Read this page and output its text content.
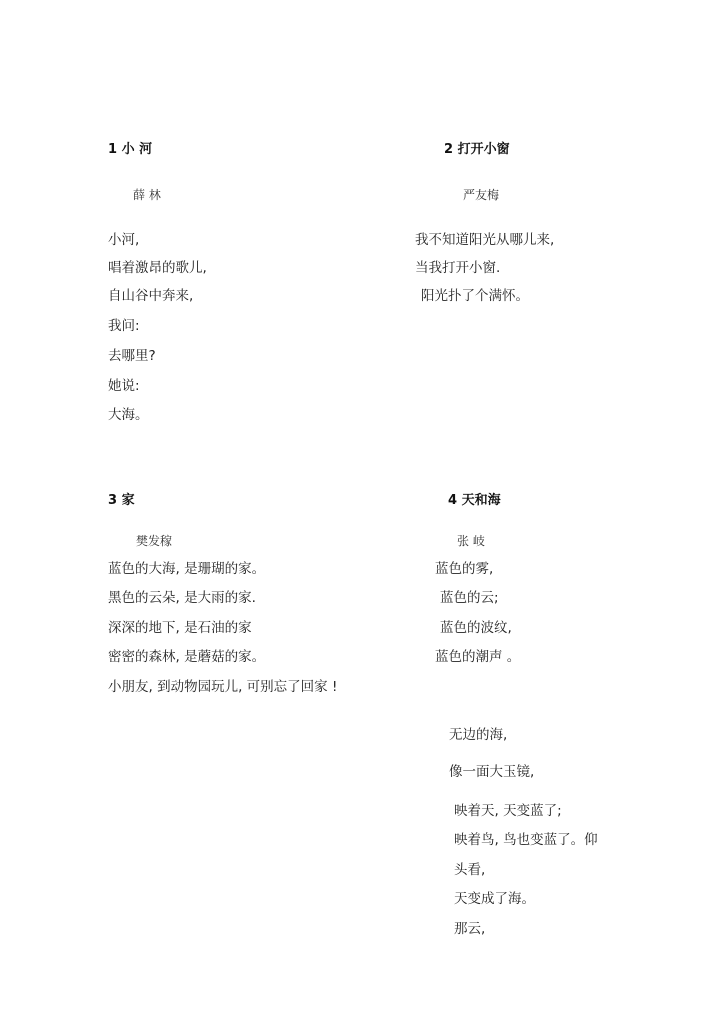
1 小 河
薛 林
小河,
唱着激昂的歌儿,
自山谷中奔来,
我问:
去哪里?
她说:
大海。
2 打开小窗
严友梅
我不知道阳光从哪儿来,
当我打开小窗.
阳光扑了个满怀。
3 家
樊发稼
蓝色的大海, 是珊瑚的家。
黑色的云朵, 是大雨的家.
深深的地下, 是石油的家
密密的森林, 是蘑菇的家。
小朋友, 到动物园玩儿, 可别忘了回家 !
4 天和海
张 岐
蓝色的雾,
蓝色的云;
蓝色的波纹,
蓝色的潮声 。
无边的海,
像一面大玉镜,
映着天, 天变蓝了;
映着鸟, 鸟也变蓝了。仰
头看,
天变成了海。
那云,
